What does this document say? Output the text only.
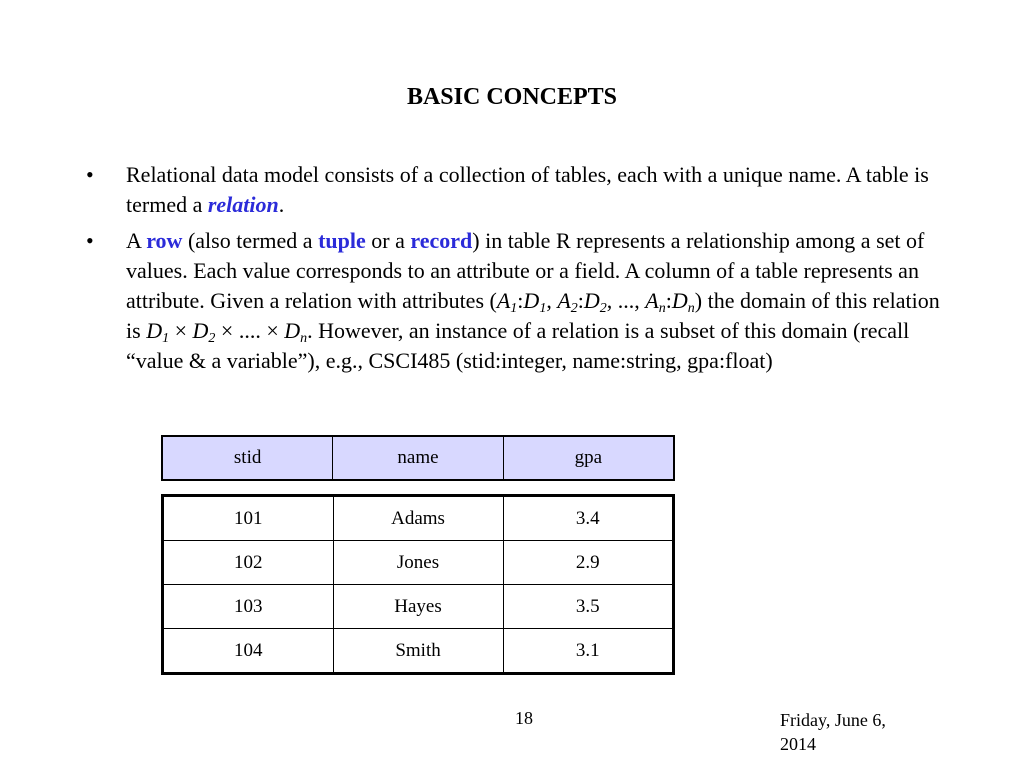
BASIC CONCEPTS
• Relational data model consists of a collection of tables, each with a unique name. A table is termed a relation.
• A row (also termed a tuple or a record) in table R represents a relationship among a set of values. Each value corresponds to an attribute or a field. A column of a table represents an attribute. Given a relation with attributes ($A_1:D_1$, $A_2:D_2$, ..., $A_n:D_n$) the domain of this relation is $D_1 \times D_2$ × .... × $D_n$. However, an instance of a relation is a subset of this domain (recall “value & a variable”), e.g., CSCI485 (stid:integer, name:string, gpa:float)
stid	name	gpa
101	Adams	3.4
102	Jones	2.9
103	Hayes	3.5
104	Smith	3.1
18	Friday, June 6, 2014
